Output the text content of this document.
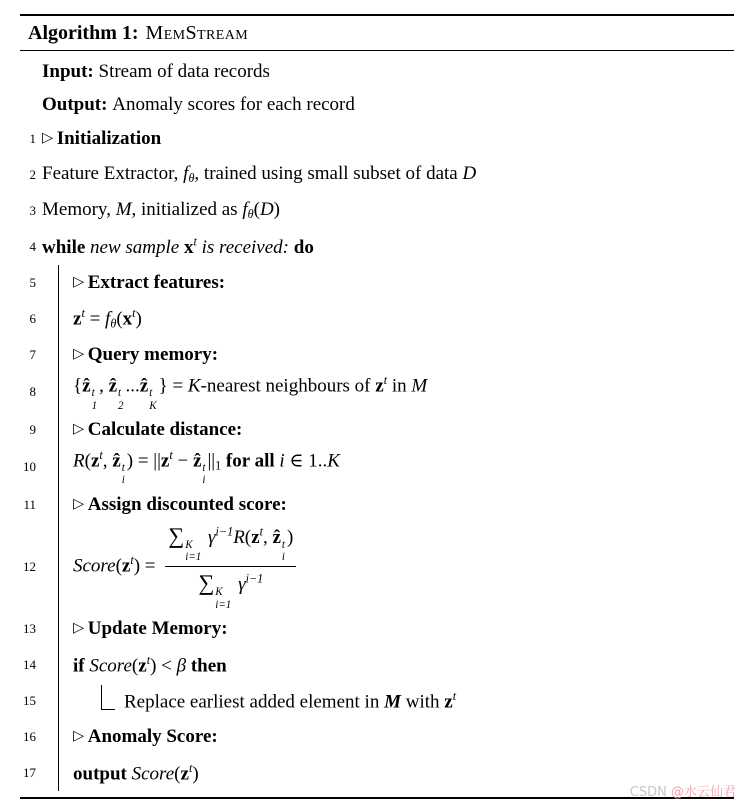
Algorithm 1: MemStream
Input: Stream of data records
Output: Anomaly scores for each record
1 ▷ Initialization
2 Feature Extractor, $f_\theta$, trained using small subset of data D
3 Memory, M, initialized as $f_\theta(D)$
4 while new sample $x^t$ is received: do
5	▷ Extract features:
6 $z^t = f_\theta(x^t)$
7	▷ Query memory:
8 {ẑ t
1
, ẑ t
2
...ẑ t
K
} = K-nearest neighbours of $z^t$ in M
9	▷ Calculate distance:
10 $R(z^t$, ẑ t
i
) = $||z^t$ − ẑ t
i
$||_1$ for all i ∈ 1..K
11	▷ Assign discounted score:
12 $Score(z^t)$ = ∑ K
i=1
$\gamma^{i-1}R(z^t$, ẑ t
i
)
∑ K
i=1
$\gamma^{i-1}$
13	▷ Update Memory:
14 if $Score(z^t) < \beta$ then
15	Replace earliest added element in M with $z^t$
16	▷ Anomaly Score:
17 output $Score(z^t)$
CSDN @水云仙君
